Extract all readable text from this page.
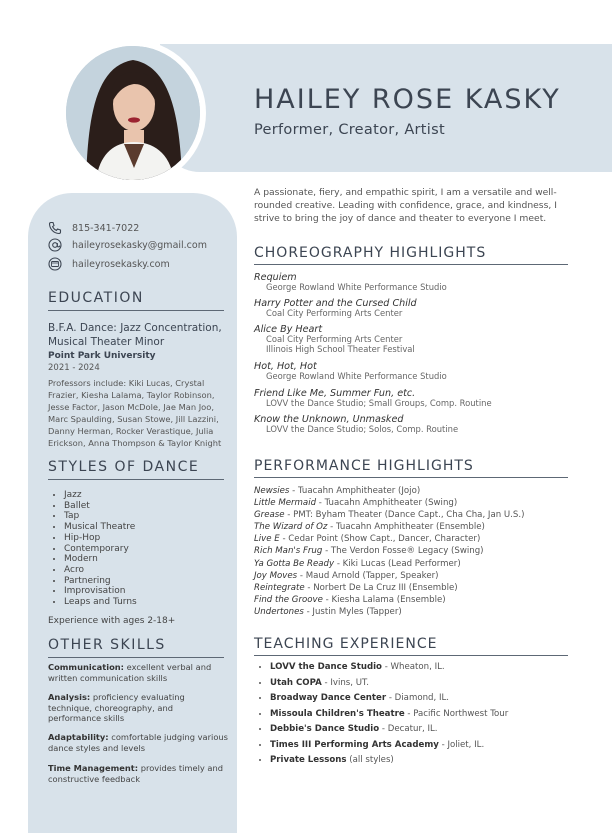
HAILEY ROSE KASKY
Performer, Creator, Artist
815-341-7022
haileyrosekasky@gmail.com
haileyrosekasky.com
EDUCATION
B.F.A. Dance: Jazz Concentration, Musical Theater Minor
Point Park University
2021 - 2024
Professors include: Kiki Lucas, Crystal Frazier, Kiesha Lalama, Taylor Robinson, Jesse Factor, Jason McDole, Jae Man Joo, Marc Spaulding, Susan Stowe, Jill Lazzini, Danny Herman, Rocker Verastique, Julia Erickson, Anna Thompson & Taylor Knight
STYLES OF DANCE
• Jazz
• Ballet
• Tap
• Musical Theatre
• Hip-Hop
• Contemporary
• Modern
• Acro
• Partnering
• Improvisation
• Leaps and Turns
Experience with ages 2-18+
OTHER SKILLS
Communication: excellent verbal and written communication skills
Analysis: proficiency evaluating technique, choreography, and performance skills
Adaptability: comfortable judging various dance styles and levels
Time Management: provides timely and constructive feedback
A passionate, fiery, and empathic spirit, I am a versatile and well-rounded creative. Leading with confidence, grace, and kindness, I strive to bring the joy of dance and theater to everyone I meet.
CHOREOGRAPHY HIGHLIGHTS
Requiem
George Rowland White Performance Studio
Harry Potter and the Cursed Child
Coal City Performing Arts Center
Alice By Heart
Coal City Performing Arts Center
Illinois High School Theater Festival
Hot, Hot, Hot
George Rowland White Performance Studio
Friend Like Me, Summer Fun, etc.
LOVV the Dance Studio; Small Groups, Comp. Routine
Know the Unknown, Unmasked
LOVV the Dance Studio; Solos, Comp. Routine
PERFORMANCE HIGHLIGHTS
Newsies - Tuacahn Amphitheater (Jojo)
Little Mermaid - Tuacahn Amphitheater (Swing)
Grease - PMT: Byham Theater (Dance Capt., Cha Cha, Jan U.S.)
The Wizard of Oz - Tuacahn Amphitheater (Ensemble)
Live E - Cedar Point (Show Capt., Dancer, Character)
Rich Man's Frug - The Verdon Fosse® Legacy (Swing)
Ya Gotta Be Ready - Kiki Lucas (Lead Performer)
Joy Moves - Maud Arnold (Tapper, Speaker)
Reintegrate - Norbert De La Cruz III (Ensemble)
Find the Groove - Kiesha Lalama (Ensemble)
Undertones - Justin Myles (Tapper)
TEACHING EXPERIENCE
• LOVV the Dance Studio - Wheaton, IL.
• Utah COPA - Ivins, UT.
• Broadway Dance Center - Diamond, IL.
• Missoula Children's Theatre - Pacific Northwest Tour
• Debbie's Dance Studio - Decatur, IL.
• Times III Performing Arts Academy - Joliet, IL.
• Private Lessons (all styles)
